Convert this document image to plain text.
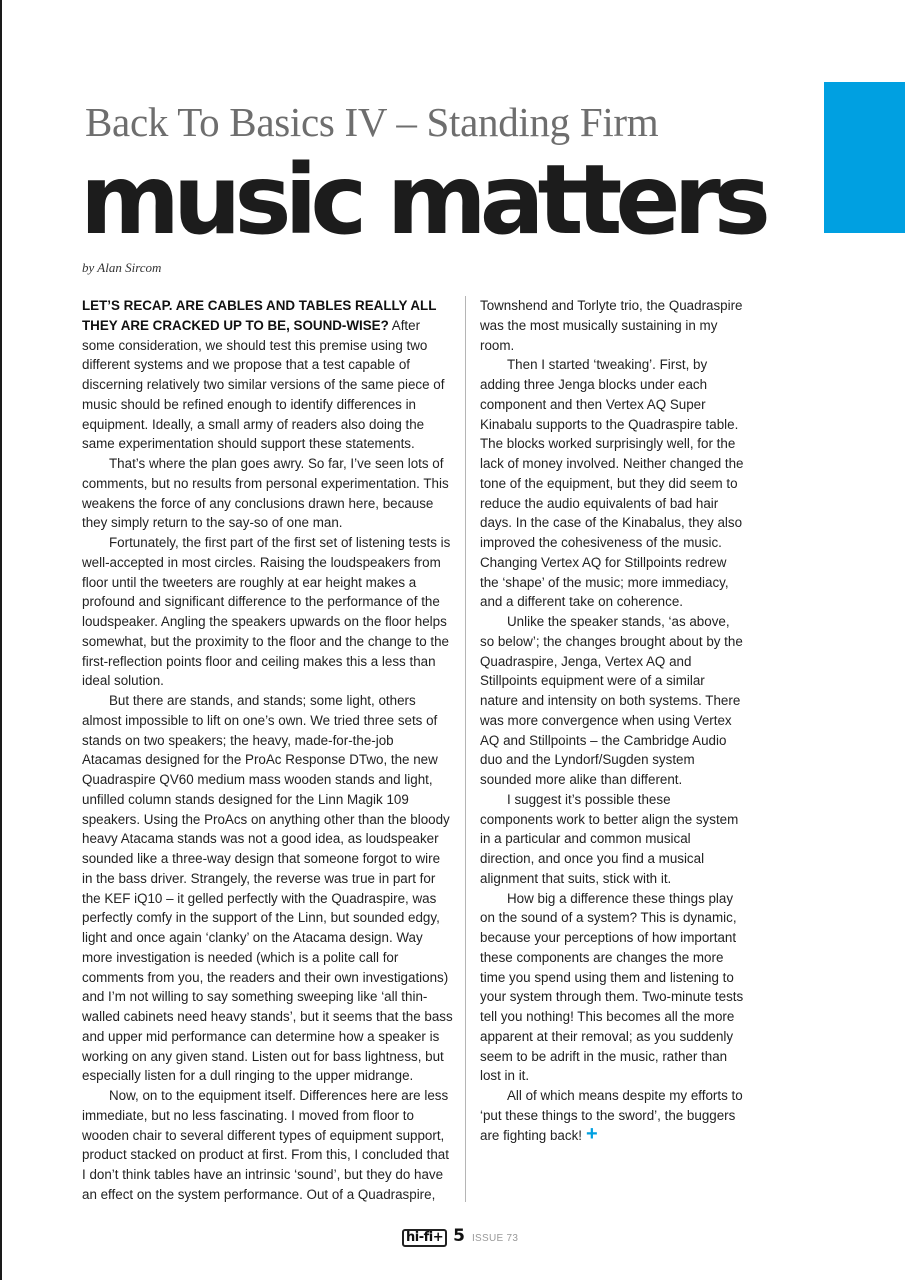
Back To Basics IV – Standing Firm
music matters
by Alan Sircom

LET’S RECAP. ARE CABLES AND TABLES REALLY ALL THEY ARE CRACKED UP TO BE, SOUND-WISE? After some consideration, we should test this premise using two different systems and we propose that a test capable of discerning relatively two similar versions of the same piece of music should be refined enough to identify differences in equipment. Ideally, a small army of readers also doing the same experimentation should support these statements.

That’s where the plan goes awry. So far, I’ve seen lots of comments, but no results from personal experimentation. This weakens the force of any conclusions drawn here, because they simply return to the say-so of one man.

Fortunately, the first part of the first set of listening tests is well-accepted in most circles. Raising the loudspeakers from floor until the tweeters are roughly at ear height makes a profound and significant difference to the performance of the loudspeaker. Angling the speakers upwards on the floor helps somewhat, but the proximity to the floor and the change to the first-reflection points floor and ceiling makes this a less than ideal solution.

But there are stands, and stands; some light, others almost impossible to lift on one’s own. We tried three sets of stands on two speakers; the heavy, made-for-the-job Atacamas designed for the ProAc Response DTwo, the new Quadraspire QV60 medium mass wooden stands and light, unfilled column stands designed for the Linn Magik 109 speakers. Using the ProAcs on anything other than the bloody heavy Atacama stands was not a good idea, as loudspeaker sounded like a three-way design that someone forgot to wire in the bass driver. Strangely, the reverse was true in part for the KEF iQ10 – it gelled perfectly with the Quadraspire, was perfectly comfy in the support of the Linn, but sounded edgy, light and once again ‘clanky’ on the Atacama design. Way more investigation is needed (which is a polite call for comments from you, the readers and their own investigations) and I’m not willing to say something sweeping like ‘all thin-walled cabinets need heavy stands’, but it seems that the bass and upper mid performance can determine how a speaker is working on any given stand. Listen out for bass lightness, but especially listen for a dull ringing to the upper midrange.

Now, on to the equipment itself. Differences here are less immediate, but no less fascinating. I moved from floor to wooden chair to several different types of equipment support, product stacked on product at first. From this, I concluded that I don’t think tables have an intrinsic ‘sound’, but they do have an effect on the system performance. Out of a Quadraspire,

Townshend and Torlyte trio, the Quadraspire was the most musically sustaining in my room.

Then I started ‘tweaking’. First, by adding three Jenga blocks under each component and then Vertex AQ Super Kinabalu supports to the Quadraspire table. The blocks worked surprisingly well, for the lack of money involved. Neither changed the tone of the equipment, but they did seem to reduce the audio equivalents of bad hair days. In the case of the Kinabalus, they also improved the cohesiveness of the music. Changing Vertex AQ for Stillpoints redrew the ‘shape’ of the music; more immediacy, and a different take on coherence.

Unlike the speaker stands, ‘as above, so below’; the changes brought about by the Quadraspire, Jenga, Vertex AQ and Stillpoints equipment were of a similar nature and intensity on both systems. There was more convergence when using Vertex AQ and Stillpoints – the Cambridge Audio duo and the Lyndorf/Sugden system sounded more alike than different.

I suggest it’s possible these components work to better align the system in a particular and common musical direction, and once you find a musical alignment that suits, stick with it.

How big a difference these things play on the sound of a system? This is dynamic, because your perceptions of how important these components are changes the more time you spend using them and listening to your system through them. Two-minute tests tell you nothing! This becomes all the more apparent at their removal; as you suddenly seem to be adrift in the music, rather than lost in it.

All of which means despite my efforts to ‘put these things to the sword’, the buggers are fighting back! +

hi-fi+ 5 ISSUE 73
